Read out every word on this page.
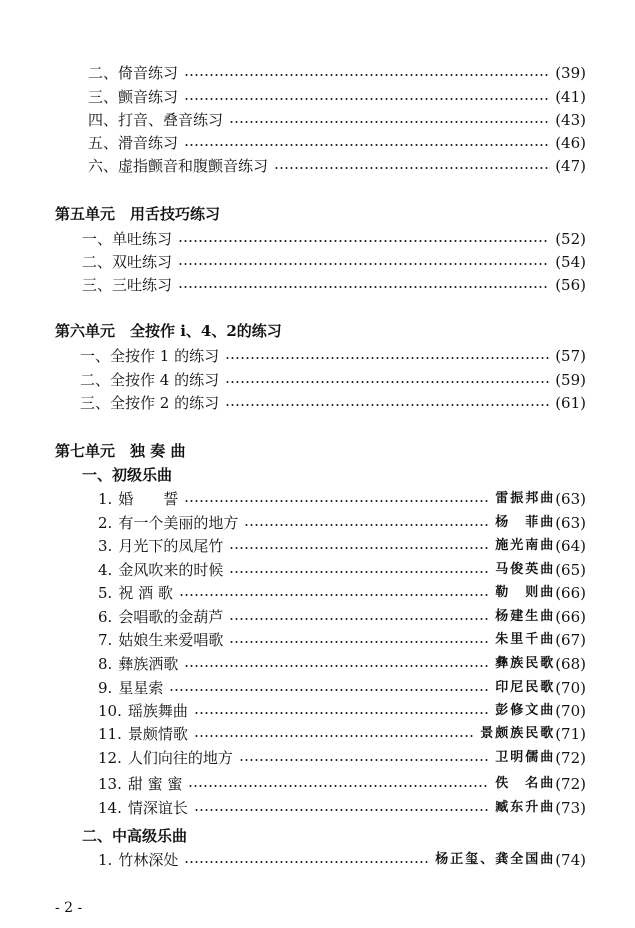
二、倚音练习	(39)
三、颤音练习	(41)
四、打音、叠音练习	(43)
五、滑音练习	(46)
六、虚指颤音和腹颤音练习	(47)
第五单元　用舌技巧练习
一、单吐练习	(52)
二、双吐练习	(54)
三、三吐练习	(56)
第六单元　全按作 i、4、2的练习
一、全按作 1 的练习	(57)
二、全按作 4 的练习	(59)
三、全按作 2 的练习	(61)
第七单元　独 奏 曲
一、初级乐曲
1. 婚　　誓	雷振邦曲 (63)
2. 有一个美丽的地方	杨　菲曲 (63)
3. 月光下的凤尾竹	施光南曲 (64)
4. 金风吹来的时候	马俊英曲 (65)
5. 祝 酒 歌	勒　则曲 (66)
6. 会唱歌的金葫芦	杨建生曲 (66)
7. 姑娘生来爱唱歌	朱里千曲 (67)
8. 彝族洒歌	彝族民歌 (68)
9. 星星索	印尼民歌 (70)
10. 瑶族舞曲	彭修文曲 (70)
11. 景颇情歌	景颇族民歌 (71)
12. 人们向往的地方	卫明儒曲 (72)
13. 甜 蜜 蜜	佚　名曲 (72)
14. 情深谊长	臧东升曲 (73)
二、中高级乐曲
1. 竹林深处	杨正玺、龚全国曲 (74)
- 2 -
